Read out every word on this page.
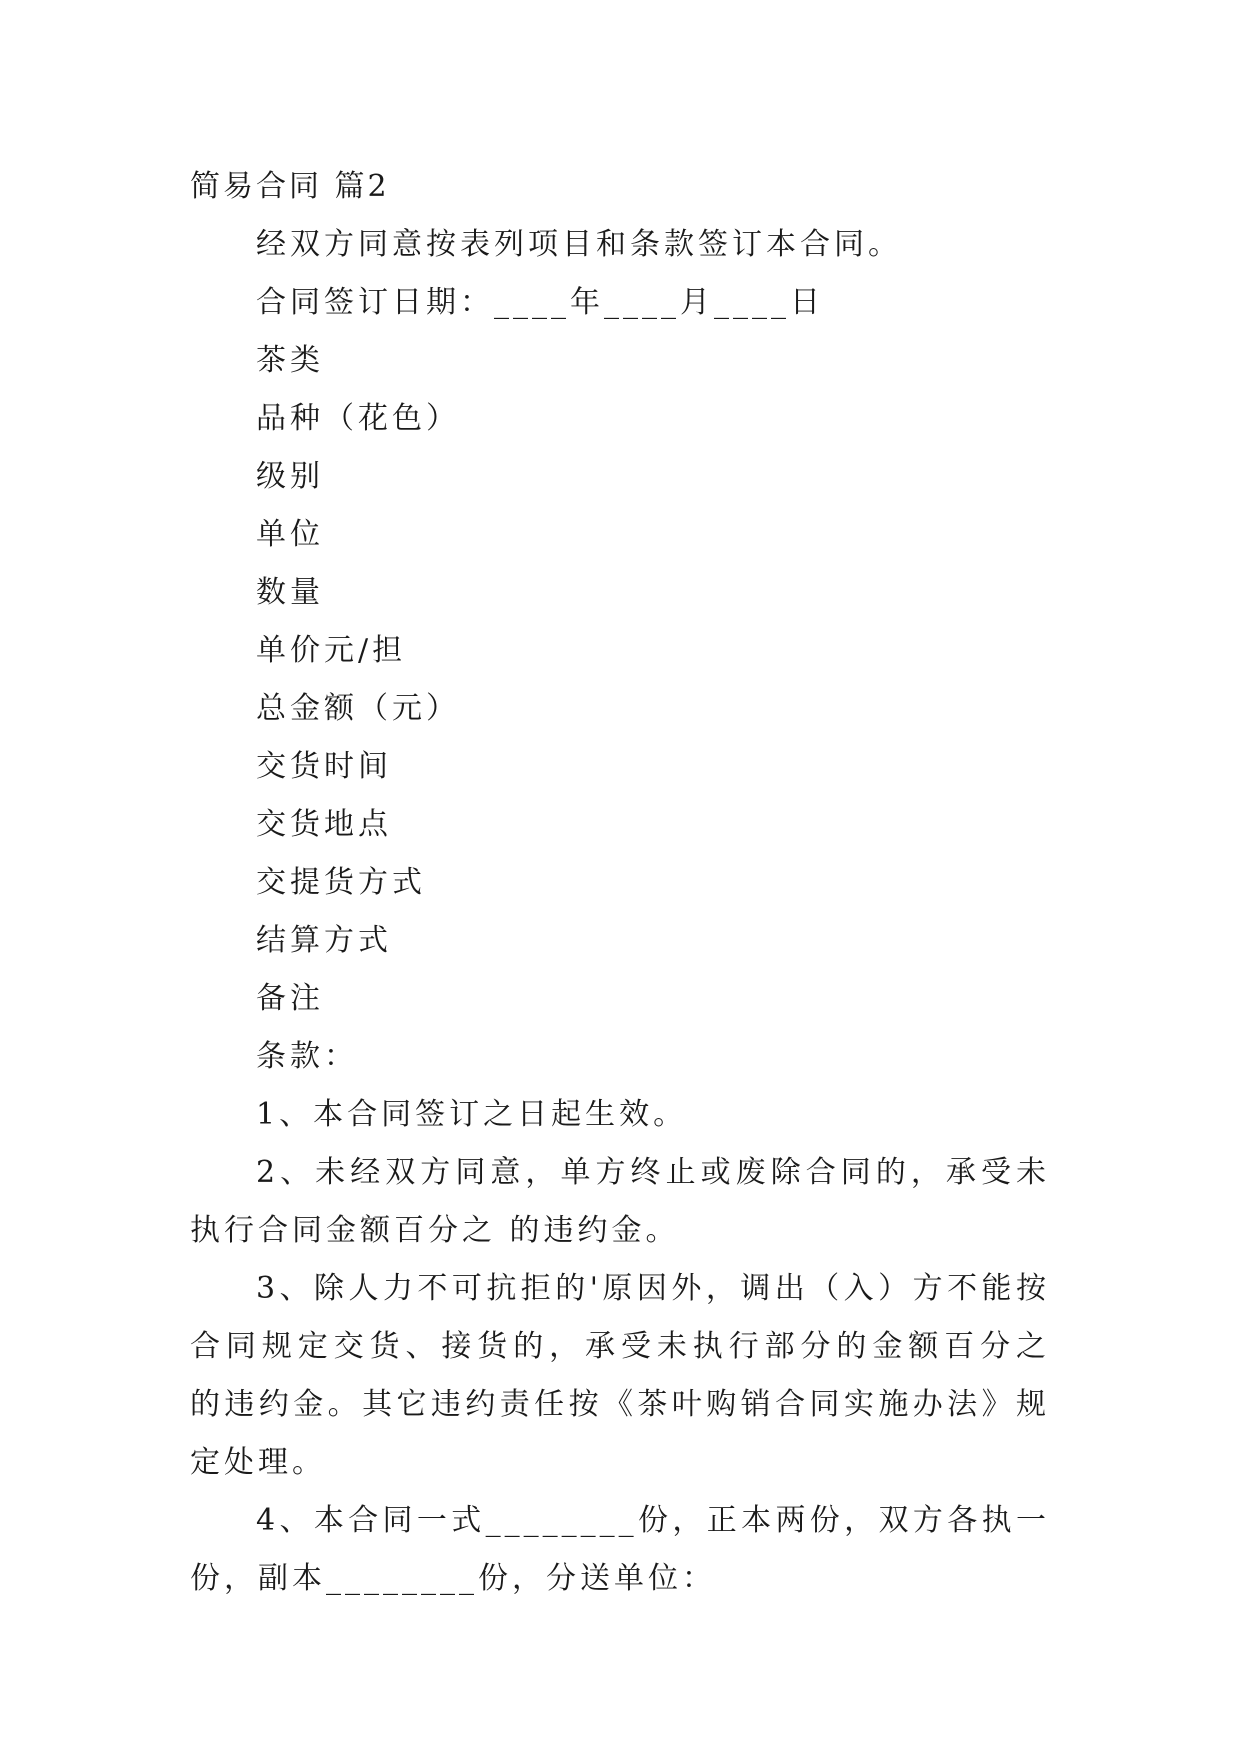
简易合同 篇2
经双方同意按表列项目和条款签订本合同。
合同签订日期：____年____月____日
茶类
品种（花色）
级别
单位
数量
单价元/担
总金额（元）
交货时间
交货地点
交提货方式
结算方式
备注
条款：
1、本合同签订之日起生效。
2、未经双方同意，单方终止或废除合同的，承受未执行合同金额百分之 的违约金。
3、除人力不可抗拒的'原因外，调出（入）方不能按合同规定交货、接货的，承受未执行部分的金额百分之 的违约金。其它违约责任按《茶叶购销合同实施办法》规定处理。
4、本合同一式________份，正本两份，双方各执一份，副本________份，分送单位：
